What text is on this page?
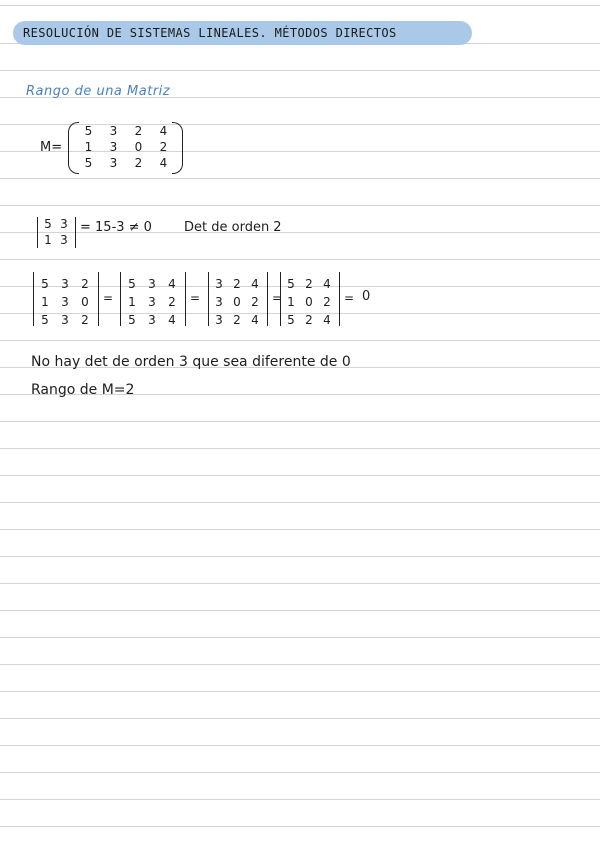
RESOLUCIÓN DE SISTEMAS LINEALES. MÉTODOS DIRECTOS
Rango de una Matriz
M=
5	3	2	4
1	3	0	2
5	3	2	4
5 3
1 3
= 15-3 ≠ 0 Det de orden 2
5	3	2
1	3	0
5	3	2
=
5	3	4
1	3	2
5	3	4
=
3 2 4
3 0 2
3 2 4
=
5 2 4
1 0 2
5 2 4
= 0
No hay det de orden 3 que sea diferente de 0
Rango de M=2
